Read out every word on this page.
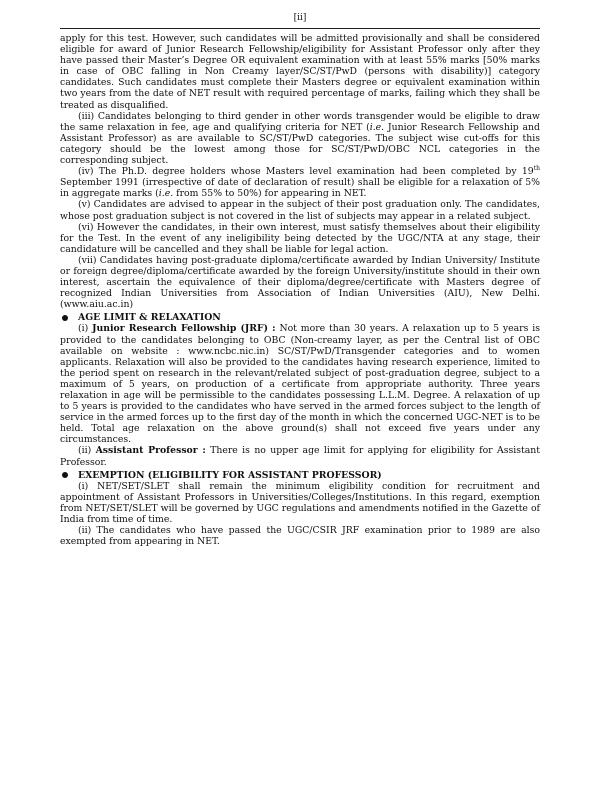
[ii]

apply for this test. However, such candidates will be admitted provisionally and shall be considered eligible for award of Junior Research Fellowship/eligibility for Assistant Professor only after they have passed their Master’s Degree OR equivalent examination with at least 55% marks [50% marks in case of OBC falling in Non Creamy layer/SC/ST/PwD (persons with disability)] category candidates. Such candidates must complete their Masters degree or equivalent examination within two years from the date of NET result with required percentage of marks, failing which they shall be treated as disqualified.

(iii) Candidates belonging to third gender in other words transgender would be eligible to draw the same relaxation in fee, age and qualifying criteria for NET (i.e. Junior Research Fellowship and Assistant Professor) as are available to SC/ST/PwD categories. The subject wise cut-offs for this category should be the lowest among those for SC/ST/PwD/OBC NCL categories in the corresponding subject.

(iv) The Ph.D. degree holders whose Masters level examination had been completed by 19th September 1991 (irrespective of date of declaration of result) shall be eligible for a relaxation of 5% in aggregate marks (i.e. from 55% to 50%) for appearing in NET.

(v) Candidates are advised to appear in the subject of their post graduation only. The candidates, whose post graduation subject is not covered in the list of subjects may appear in a related subject.

(vi) However the candidates, in their own interest, must satisfy themselves about their eligibility for the Test. In the event of any ineligibility being detected by the UGC/NTA at any stage, their candidature will be cancelled and they shall be liable for legal action.

(vii) Candidates having post-graduate diploma/certificate awarded by Indian University/ Institute or foreign degree/diploma/certificate awarded by the foreign University/institute should in their own interest, ascertain the equivalence of their diploma/degree/certificate with Masters degree of recognized Indian Universities from Association of Indian Universities (AIU), New Delhi. (www.aiu.ac.in)

AGE LIMIT & RELAXATION

(i) Junior Research Fellowship (JRF) : Not more than 30 years. A relaxation up to 5 years is provided to the candidates belonging to OBC (Non-creamy layer, as per the Central list of OBC available on website : www.ncbc.nic.in) SC/ST/PwD/Transgender categories and to women applicants. Relaxation will also be provided to the candidates having research experience, limited to the period spent on research in the relevant/related subject of post-graduation degree, subject to a maximum of 5 years, on production of a certificate from appropriate authority. Three years relaxation in age will be permissible to the candidates possessing L.L.M. Degree. A relaxation of up to 5 years is provided to the candidates who have served in the armed forces subject to the length of service in the armed forces up to the first day of the month in which the concerned UGC-NET is to be held. Total age relaxation on the above ground(s) shall not exceed five years under any circumstances.

(ii) Assistant Professor : There is no upper age limit for applying for eligibility for Assistant Professor.

EXEMPTION (ELIGIBILITY FOR ASSISTANT PROFESSOR)

(i) NET/SET/SLET shall remain the minimum eligibility condition for recruitment and appointment of Assistant Professors in Universities/Colleges/Institutions. In this regard, exemption from NET/SET/SLET will be governed by UGC regulations and amendments notified in the Gazette of India from time of time.

(ii) The candidates who have passed the UGC/CSIR JRF examination prior to 1989 are also exempted from appearing in NET.
